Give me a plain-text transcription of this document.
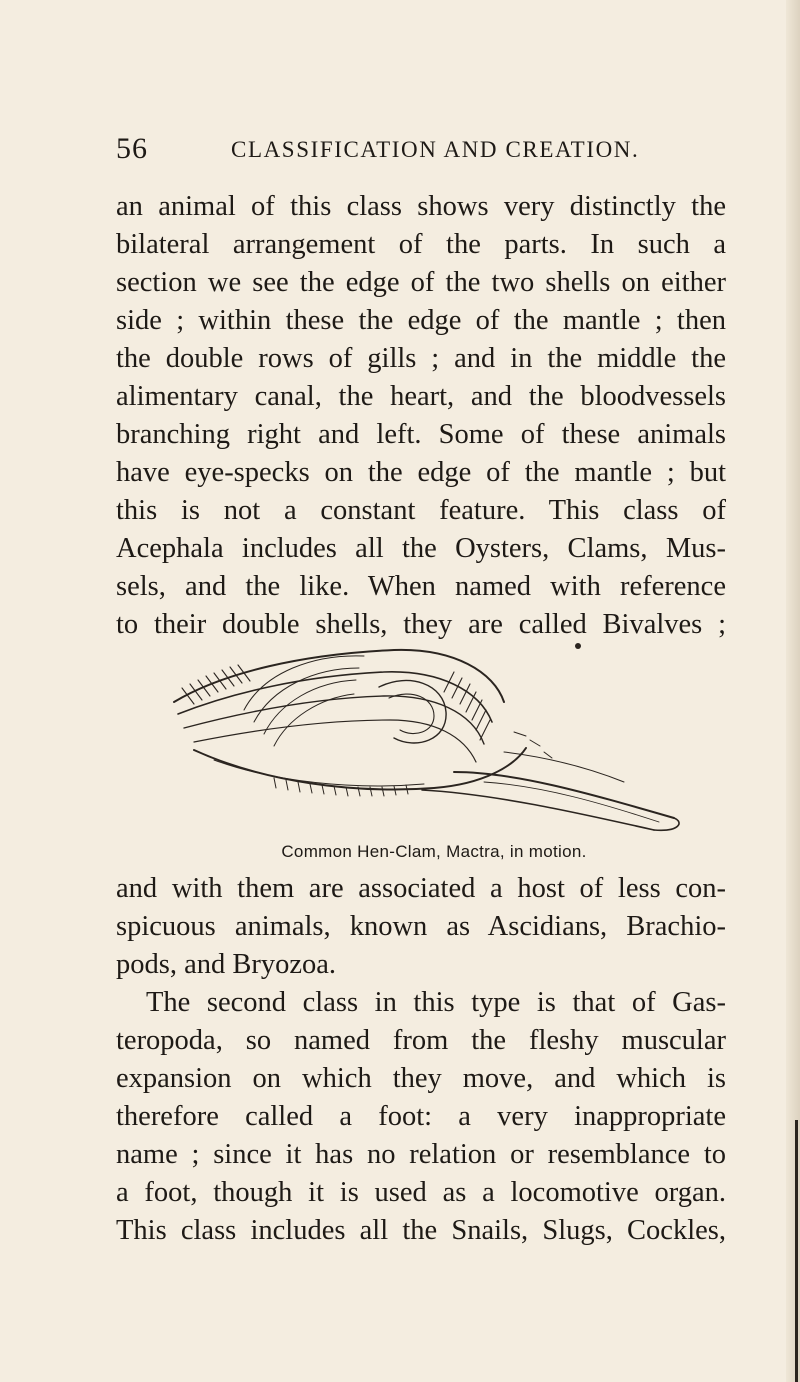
56	CLASSIFICATION AND CREATION.

an animal of this class shows very distinctly the
bilateral arrangement of the parts. In such a
section we see the edge of the two shells on either
side ; within these the edge of the mantle ; then
the double rows of gills ; and in the middle the
alimentary canal, the heart, and the bloodvessels
branching right and left. Some of these animals
have eye-specks on the edge of the mantle ; but
this is not a constant feature. This class of
Acephala includes all the Oysters, Clams, Mus-
sels, and the like. When named with reference
to their double shells, they are called Bivalves ;

Common Hen-Clam, Mactra, in motion.

and with them are associated a host of less con-
spicuous animals, known as Ascidians, Brachio-
pods, and Bryozoa.

The second class in this type is that of Gas-
teropoda, so named from the fleshy muscular
expansion on which they move, and which is
therefore called a foot: a very inappropriate
name ; since it has no relation or resemblance to
a foot, though it is used as a locomotive organ.
This class includes all the Snails, Slugs, Cockles,
